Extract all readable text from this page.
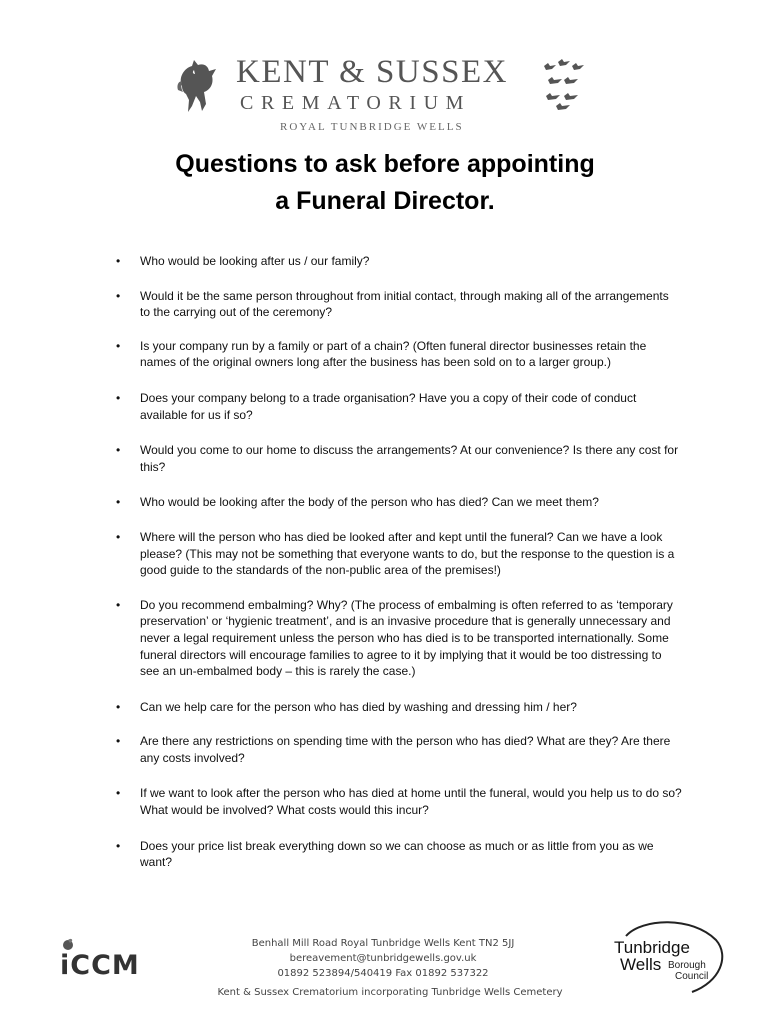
KENT & SUSSEX
CREMATORIUM
ROYAL TUNBRIDGE WELLS
Questions to ask before appointing
a Funeral Director.
•	Who would be looking after us / our family?
•	Would it be the same person throughout from initial contact, through making all of the arrangements to the carrying out of the ceremony?
•	Is your company run by a family or part of a chain? (Often funeral director businesses retain the names of the original owners long after the business has been sold on to a larger group.)
•	Does your company belong to a trade organisation? Have you a copy of their code of conduct available for us if so?
•	Would you come to our home to discuss the arrangements? At our convenience? Is there any cost for this?
•	Who would be looking after the body of the person who has died? Can we meet them?
•	Where will the person who has died be looked after and kept until the funeral? Can we have a look please? (This may not be something that everyone wants to do, but the response to the question is a good guide to the standards of the non-public area of the premises!)
•	Do you recommend embalming? Why? (The process of embalming is often referred to as ‘temporary preservation’ or ‘hygienic treatment’, and is an invasive procedure that is generally unnecessary and never a legal requirement unless the person who has died is to be transported internationally. Some funeral directors will encourage families to agree to it by implying that it would be too distressing to see an un-embalmed body – this is rarely the case.)
•	Can we help care for the person who has died by washing and dressing him / her?
•	Are there any restrictions on spending time with the person who has died? What are they? Are there any costs involved?
•	If we want to look after the person who has died at home until the funeral, would you help us to do so? What would be involved? What costs would this incur?
•	Does your price list break everything down so we can choose as much or as little from you as we want?
iCCM
Benhall Mill Road Royal Tunbridge Wells Kent TN2 5JJ
bereavement@tunbridgewells.gov.uk
01892 523894/540419 Fax 01892 537322
Kent & Sussex Crematorium incorporating Tunbridge Wells Cemetery
Tunbridge
Wells Borough
Council
